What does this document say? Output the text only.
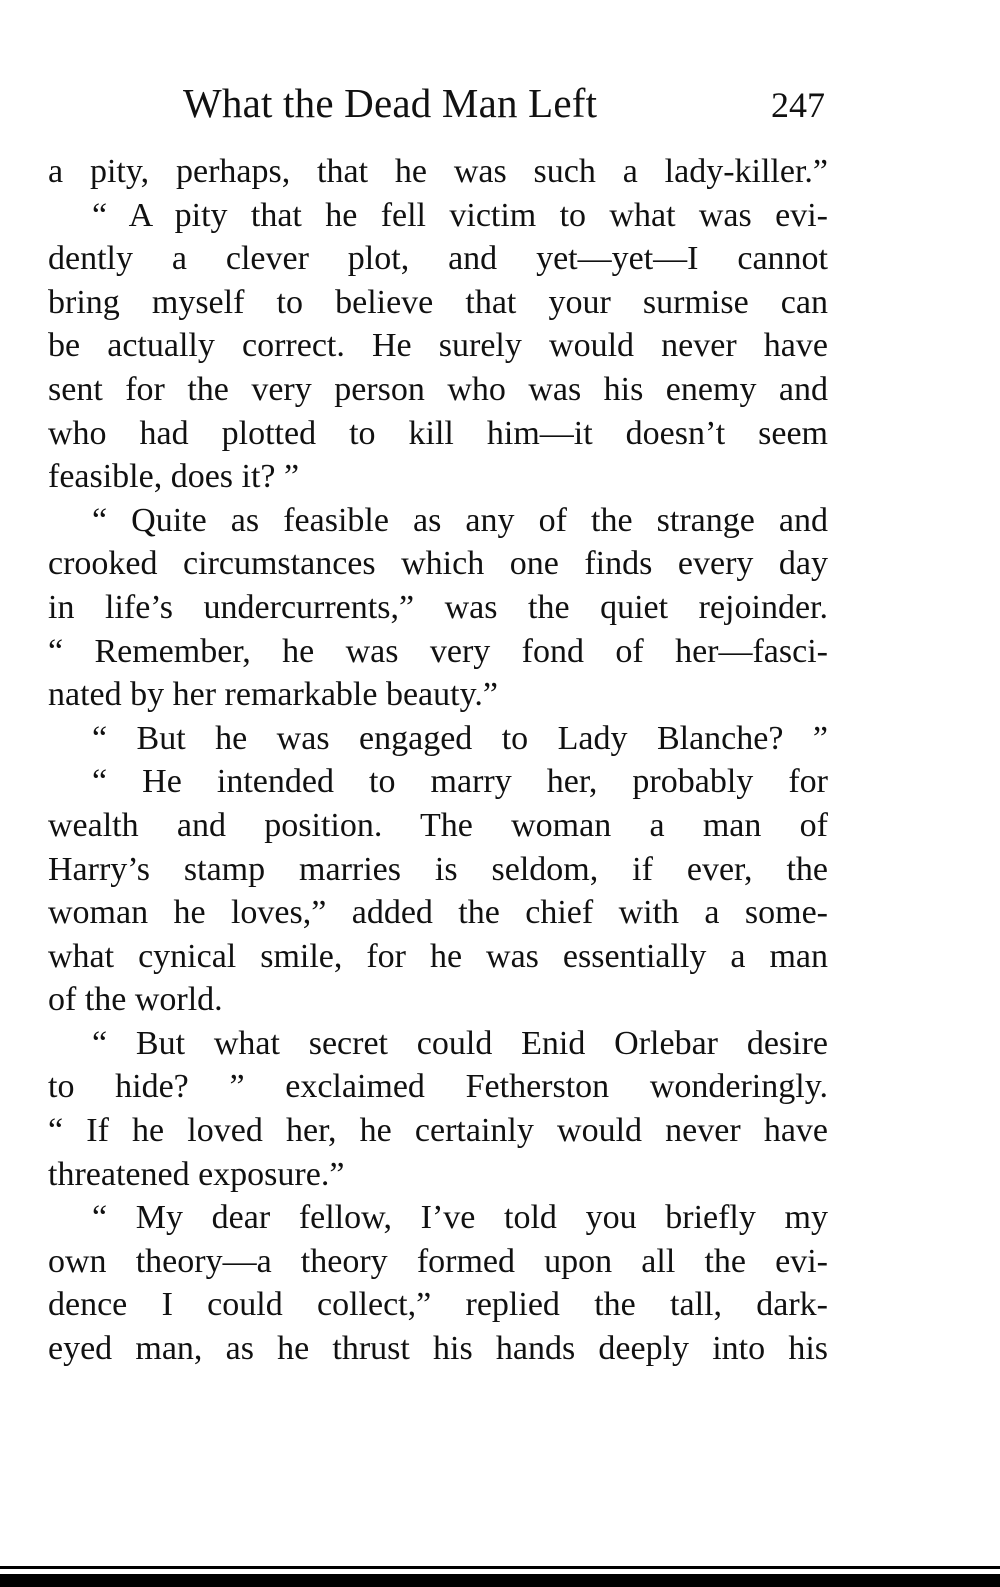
What the Dead Man Left	247
a pity, perhaps, that he was such a lady-killer.”
“ A pity that he fell victim to what was evi-
dently a clever plot, and yet—yet—I cannot
bring myself to believe that your surmise can
be actually correct. He surely would never have
sent for the very person who was his enemy and
who had plotted to kill him—it doesn’t seem
feasible, does it? ”
“ Quite as feasible as any of the strange and
crooked circumstances which one finds every day
in life’s undercurrents,” was the quiet rejoinder.
“ Remember, he was very fond of her—fasci-
nated by her remarkable beauty.”
“ But he was engaged to Lady Blanche? ”
“ He intended to marry her, probably for
wealth and position. The woman a man of
Harry’s stamp marries is seldom, if ever, the
woman he loves,” added the chief with a some-
what cynical smile, for he was essentially a man
of the world.
“ But what secret could Enid Orlebar desire
to hide? ” exclaimed Fetherston wonderingly.
“ If he loved her, he certainly would never have
threatened exposure.”
“ My dear fellow, I’ve told you briefly my
own theory—a theory formed upon all the evi-
dence I could collect,” replied the tall, dark-
eyed man, as he thrust his hands deeply into his
